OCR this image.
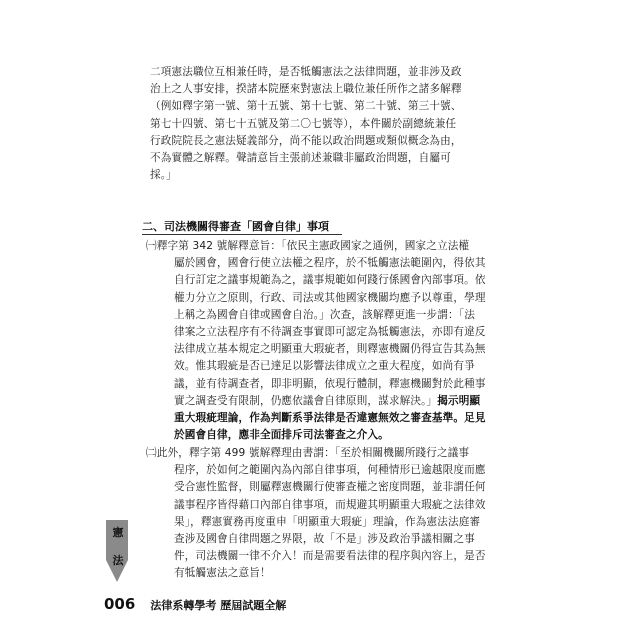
二項憲法職位互相兼任時，是否牴觸憲法之法律問題，並非涉及政
治上之人事安排，揆諸本院歷來對憲法上職位兼任所作之諸多解釋
（例如釋字第一號、第十五號、第十七號、第二十號、第三十號、
第七十四號、第七十五號及第二〇七號等），本件關於副總統兼任
行政院院長之憲法疑義部分，尚不能以政治問題或類似概念為由，
不為實體之解釋。聲請意旨主張前述兼職非屬政治問題，自屬可
採。」
二、司法機關得審查「國會自律」事項
㈠釋字第 342 號解釋意旨：「依民主憲政國家之通例，國家之立法權
屬於國會，國會行使立法權之程序，於不牴觸憲法範圍內，得依其
自行訂定之議事規範為之，議事規範如何踐行係國會內部事項。依
權力分立之原則，行政、司法或其他國家機關均應予以尊重，學理
上稱之為國會自律或國會自治。」次查，該解釋更進一步謂：「法
律案之立法程序有不待調查事實即可認定為牴觸憲法，亦即有違反
法律成立基本規定之明顯重大瑕疵者，則釋憲機關仍得宣告其為無
效。惟其瑕疵是否已達足以影響法律成立之重大程度，如尚有爭
議，並有待調查者，即非明顯，依現行體制，釋憲機關對於此種事
實之調查受有限制，仍應依議會自律原則，謀求解決。」揭示明顯
重大瑕疵理論，作為判斷系爭法律是否違憲無效之審查基準。足見
於國會自律，應非全面排斥司法審查之介入。
㈡此外，釋字第 499 號解釋理由書謂：「至於相關機關所踐行之議事
程序，於如何之範圍內為內部自律事項，何種情形已逾越限度而應
受合憲性監督，則屬釋憲機關行使審查權之密度問題，並非謂任何
議事程序皆得藉口內部自律事項，而規避其明顯重大瑕疵之法律效
果」，釋憲實務再度重申「明顯重大瑕疵」理論，作為憲法法庭審
查涉及國會自律問題之界限，故「不是」涉及政治爭議相關之事
件，司法機關一律不介入！而是需要看法律的程序與內容上，是否
有牴觸憲法之意旨！
憲
法
006 法律系轉學考 歷屆試題全解
